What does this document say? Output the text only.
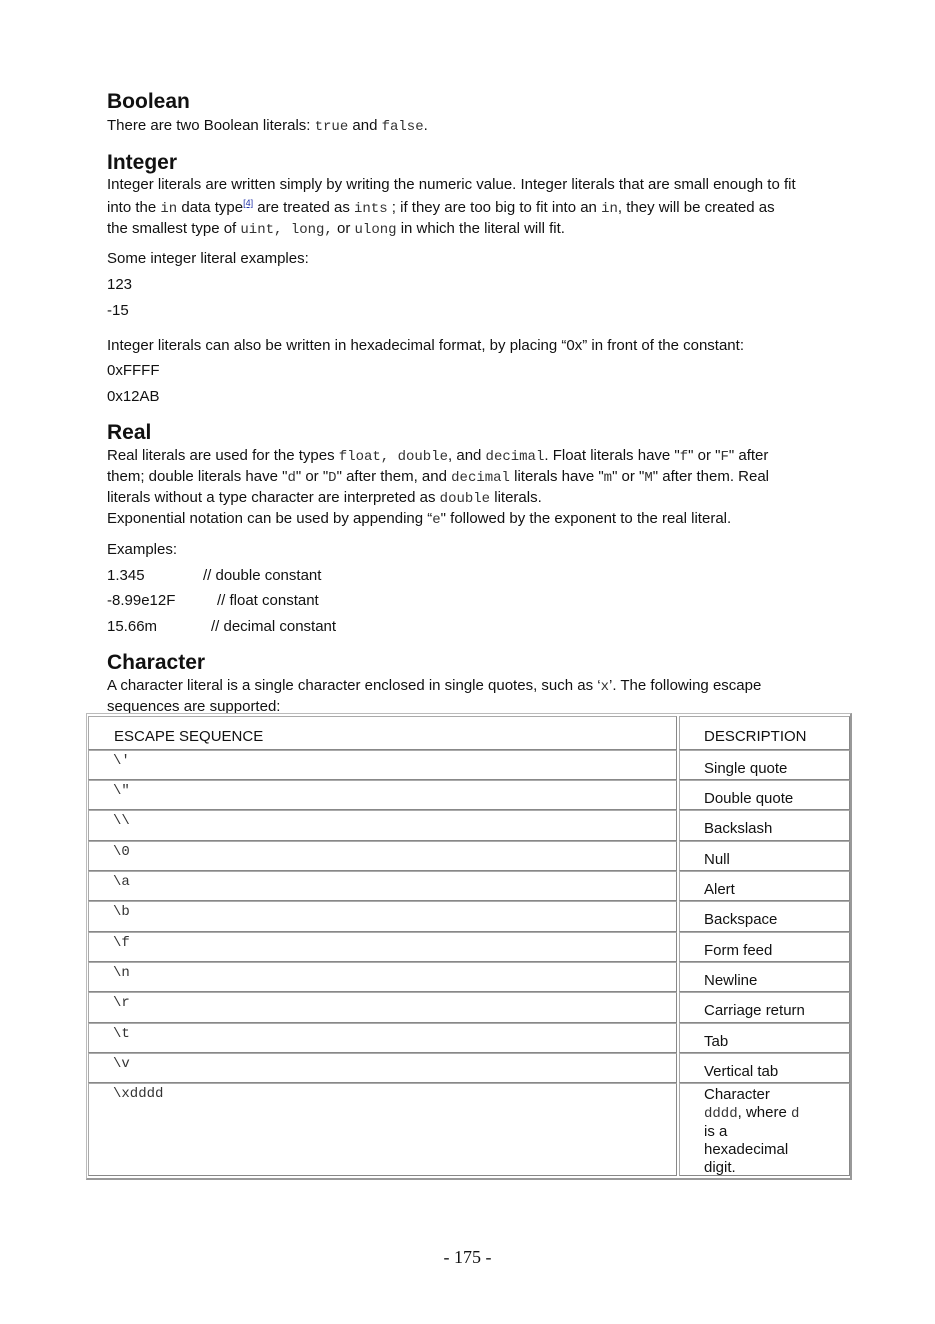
Boolean
There are two Boolean literals: true and false.
Integer
Integer literals are written simply by writing the numeric value. Integer literals that are small enough to fit
into the in data type[4] are treated as ints ; if they are too big to fit into an in, they will be created as
the smallest type of uint, long, or ulong in which the literal will fit.
Some integer literal examples:
123
-15
Integer literals can also be written in hexadecimal format, by placing “0x” in front of the constant:
0xFFFF
0x12AB
Real
Real literals are used for the types float, double, and decimal. Float literals have "f" or "F" after
them; double literals have "d" or "D" after them, and decimal literals have "m" or "M" after them. Real
literals without a type character are interpreted as double literals.
Exponential notation can be used by appending “e" followed by the exponent to the real literal.
Examples:
1.345	// double constant
-8.99e12F	// float constant
15.66m	// decimal constant
Character
A character literal is a single character enclosed in single quotes, such as ‘x’. The following escape
sequences are supported:
ESCAPE SEQUENCE	DESCRIPTION
\'	Single quote
\"	Double quote
\\	Backslash
\0	Null
\a	Alert
\b	Backspace
\f	Form feed
\n	Newline
\r	Carriage return
\t	Tab
\v	Vertical tab
\xdddd	Character
dddd, where d
is a
hexadecimal
digit.
- 175 -
